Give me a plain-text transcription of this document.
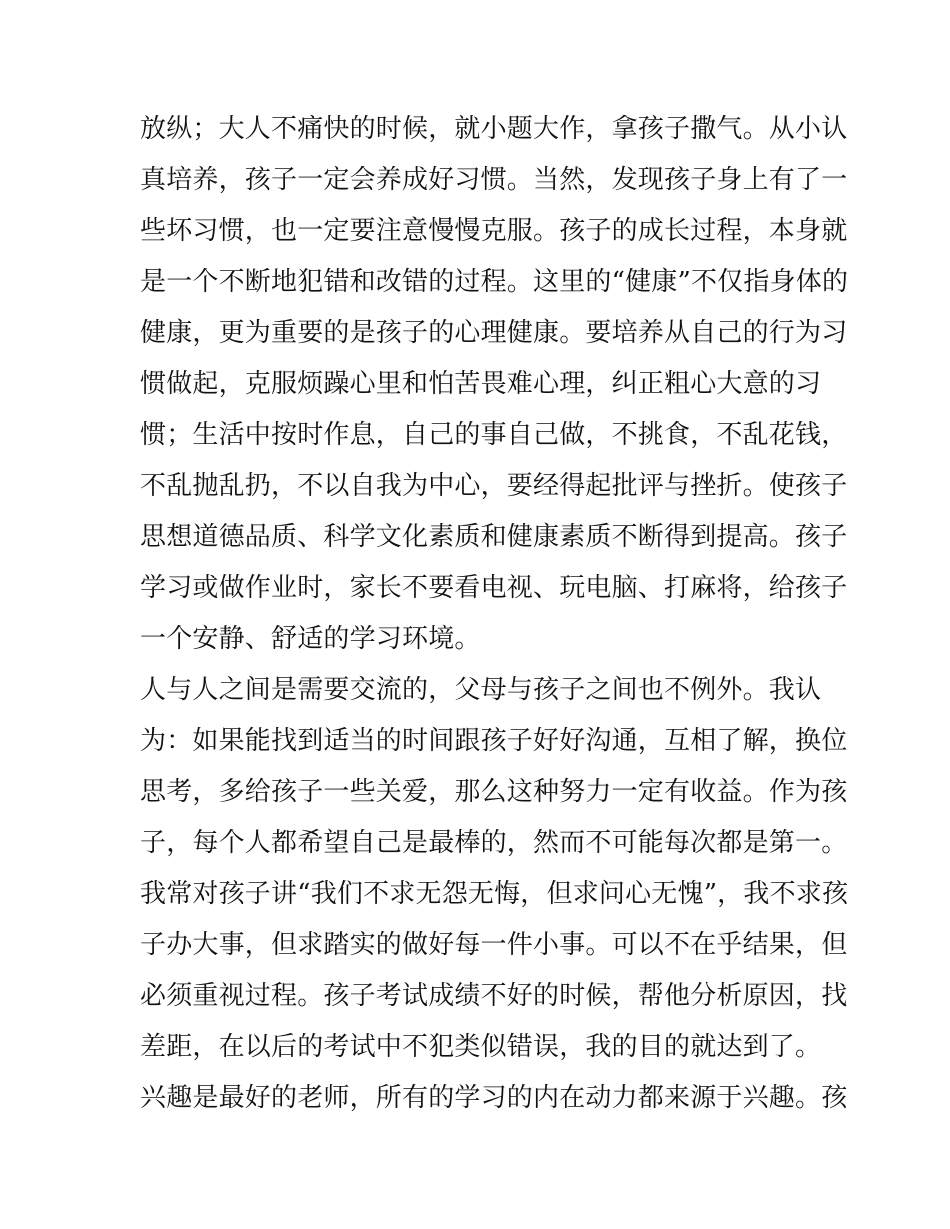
放纵；大人不痛快的时候，就小题大作，拿孩子撒气。从小认

真培养，孩子一定会养成好习惯。当然，发现孩子身上有了一

些坏习惯，也一定要注意慢慢克服。孩子的成长过程，本身就

是一个不断地犯错和改错的过程。这里的“健康”不仅指身体的

健康，更为重要的是孩子的心理健康。要培养从自己的行为习

惯做起，克服烦躁心里和怕苦畏难心理，纠正粗心大意的习

惯；生活中按时作息，自己的事自己做，不挑食，不乱花钱，

不乱抛乱扔，不以自我为中心，要经得起批评与挫折。使孩子

思想道德品质、科学文化素质和健康素质不断得到提高。孩子

学习或做作业时，家长不要看电视、玩电脑、打麻将，给孩子

一个安静、舒适的学习环境。

人与人之间是需要交流的，父母与孩子之间也不例外。我认

为：如果能找到适当的时间跟孩子好好沟通，互相了解，换位

思考，多给孩子一些关爱，那么这种努力一定有收益。作为孩

子，每个人都希望自己是最棒的，然而不可能每次都是第一。

我常对孩子讲“我们不求无怨无悔，但求问心无愧”，我不求孩

子办大事，但求踏实的做好每一件小事。可以不在乎结果，但

必须重视过程。孩子考试成绩不好的时候，帮他分析原因，找

差距，在以后的考试中不犯类似错误，我的目的就达到了。

兴趣是最好的老师，所有的学习的内在动力都来源于兴趣。孩
